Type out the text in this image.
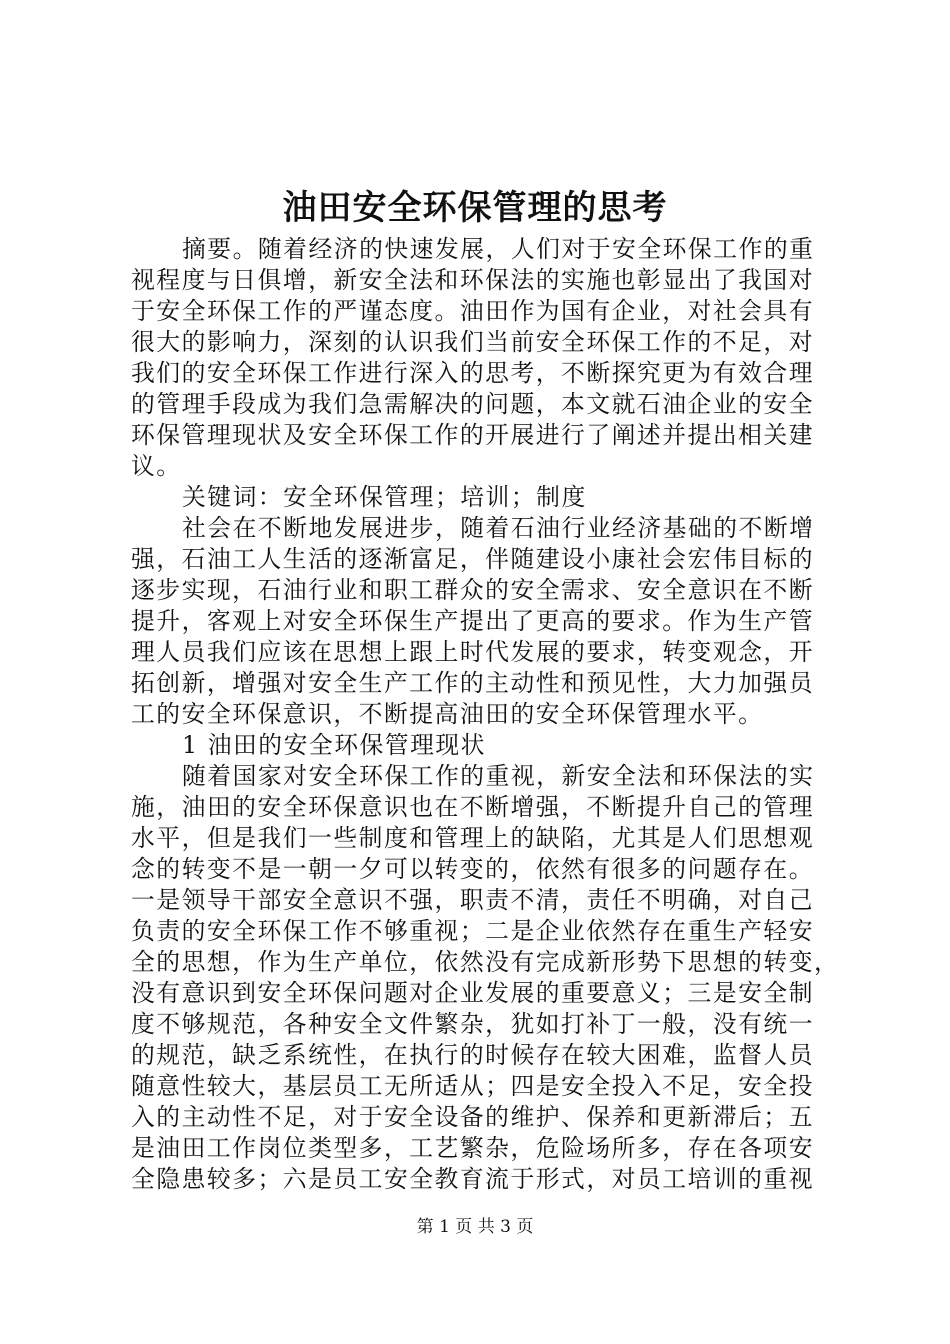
油田安全环保管理的思考
摘要。随着经济的快速发展，人们对于安全环保工作的重
视程度与日俱增，新安全法和环保法的实施也彰显出了我国对
于安全环保工作的严谨态度。油田作为国有企业，对社会具有
很大的影响力，深刻的认识我们当前安全环保工作的不足，对
我们的安全环保工作进行深入的思考，不断探究更为有效合理
的管理手段成为我们急需解决的问题，本文就石油企业的安全
环保管理现状及安全环保工作的开展进行了阐述并提出相关建
议。
关键词：安全环保管理；培训；制度
社会在不断地发展进步，随着石油行业经济基础的不断增
强，石油工人生活的逐渐富足，伴随建设小康社会宏伟目标的
逐步实现，石油行业和职工群众的安全需求、安全意识在不断
提升，客观上对安全环保生产提出了更高的要求。作为生产管
理人员我们应该在思想上跟上时代发展的要求，转变观念，开
拓创新，增强对安全生产工作的主动性和预见性，大力加强员
工的安全环保意识，不断提高油田的安全环保管理水平。
1 油田的安全环保管理现状
随着国家对安全环保工作的重视，新安全法和环保法的实
施，油田的安全环保意识也在不断增强，不断提升自己的管理
水平，但是我们一些制度和管理上的缺陷，尤其是人们思想观
念的转变不是一朝一夕可以转变的，依然有很多的问题存在。
一是领导干部安全意识不强，职责不清，责任不明确，对自己
负责的安全环保工作不够重视；二是企业依然存在重生产轻安
全的思想，作为生产单位，依然没有完成新形势下思想的转变，
没有意识到安全环保问题对企业发展的重要意义；三是安全制
度不够规范，各种安全文件繁杂，犹如打补丁一般，没有统一
的规范，缺乏系统性，在执行的时候存在较大困难，监督人员
随意性较大，基层员工无所适从；四是安全投入不足，安全投
入的主动性不足，对于安全设备的维护、保养和更新滞后；五
是油田工作岗位类型多，工艺繁杂，危险场所多，存在各项安
全隐患较多；六是员工安全教育流于形式，对员工培训的重视
第 1 页 共 3 页
